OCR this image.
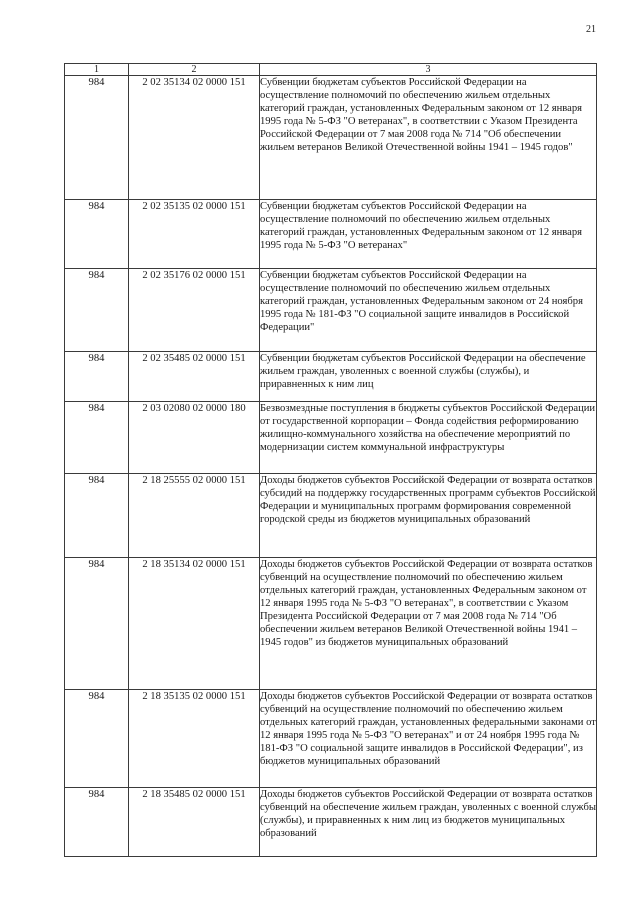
21
1	2	3
984	2 02 35134 02 0000 151	Субвенции бюджетам субъектов Российской Федерации на осуществление полномочий по обеспечению жильем отдельных категорий граждан, установленных Федеральным законом от 12 января 1995 года № 5-ФЗ "О ветеранах", в соответствии с Указом Президента Российской Федерации от 7 мая 2008 года № 714 "Об обеспечении жильем ветеранов Великой Отечественной войны 1941 – 1945 годов"
984	2 02 35135 02 0000 151	Субвенции бюджетам субъектов Российской Федерации на осуществление полномочий по обеспечению жильем отдельных категорий граждан, установленных Федеральным законом от 12 января 1995 года № 5-ФЗ "О ветеранах"
984	2 02 35176 02 0000 151	Субвенции бюджетам субъектов Российской Федерации на осуществление полномочий по обеспечению жильем отдельных категорий граждан, установленных Федеральным законом от 24 ноября 1995 года № 181-ФЗ "О социальной защите инвалидов в Российской Федерации"
984	2 02 35485 02 0000 151	Субвенции бюджетам субъектов Российской Федерации на обеспечение жильем граждан, уволенных с военной службы (службы), и приравненных к ним лиц
984	2 03 02080 02 0000 180	Безвозмездные поступления в бюджеты субъектов Российской Федерации от государственной корпорации – Фонда содействия реформированию жилищно-коммунального хозяйства на обеспечение мероприятий по модернизации систем коммунальной инфраструктуры
984	2 18 25555 02 0000 151	Доходы бюджетов субъектов Российской Федерации от возврата остатков субсидий на поддержку государственных программ субъектов Российской Федерации и муниципальных программ формирования современной городской среды из бюджетов муниципальных образований
984	2 18 35134 02 0000 151	Доходы бюджетов субъектов Российской Федерации от возврата остатков субвенций на осуществление полномочий по обеспечению жильем отдельных категорий граждан, установленных Федеральным законом от 12 января 1995 года № 5-ФЗ "О ветеранах", в соответствии с Указом Президента Российской Федерации от 7 мая 2008 года № 714 "Об обеспечении жильем ветеранов Великой Отечественной войны 1941 – 1945 годов" из бюджетов муниципальных образований
984	2 18 35135 02 0000 151	Доходы бюджетов субъектов Российской Федерации от возврата остатков субвенций на осуществление полномочий по обеспечению жильем отдельных категорий граждан, установленных федеральными законами от 12 января 1995 года № 5-ФЗ "О ветеранах" и от 24 ноября 1995 года № 181-ФЗ "О социальной защите инвалидов в Российской Федерации", из бюджетов муниципальных образований
984	2 18 35485 02 0000 151	Доходы бюджетов субъектов Российской Федерации от возврата остатков субвенций на обеспечение жильем граждан, уволенных с военной службы (службы), и приравненных к ним лиц из бюджетов муниципальных образований
